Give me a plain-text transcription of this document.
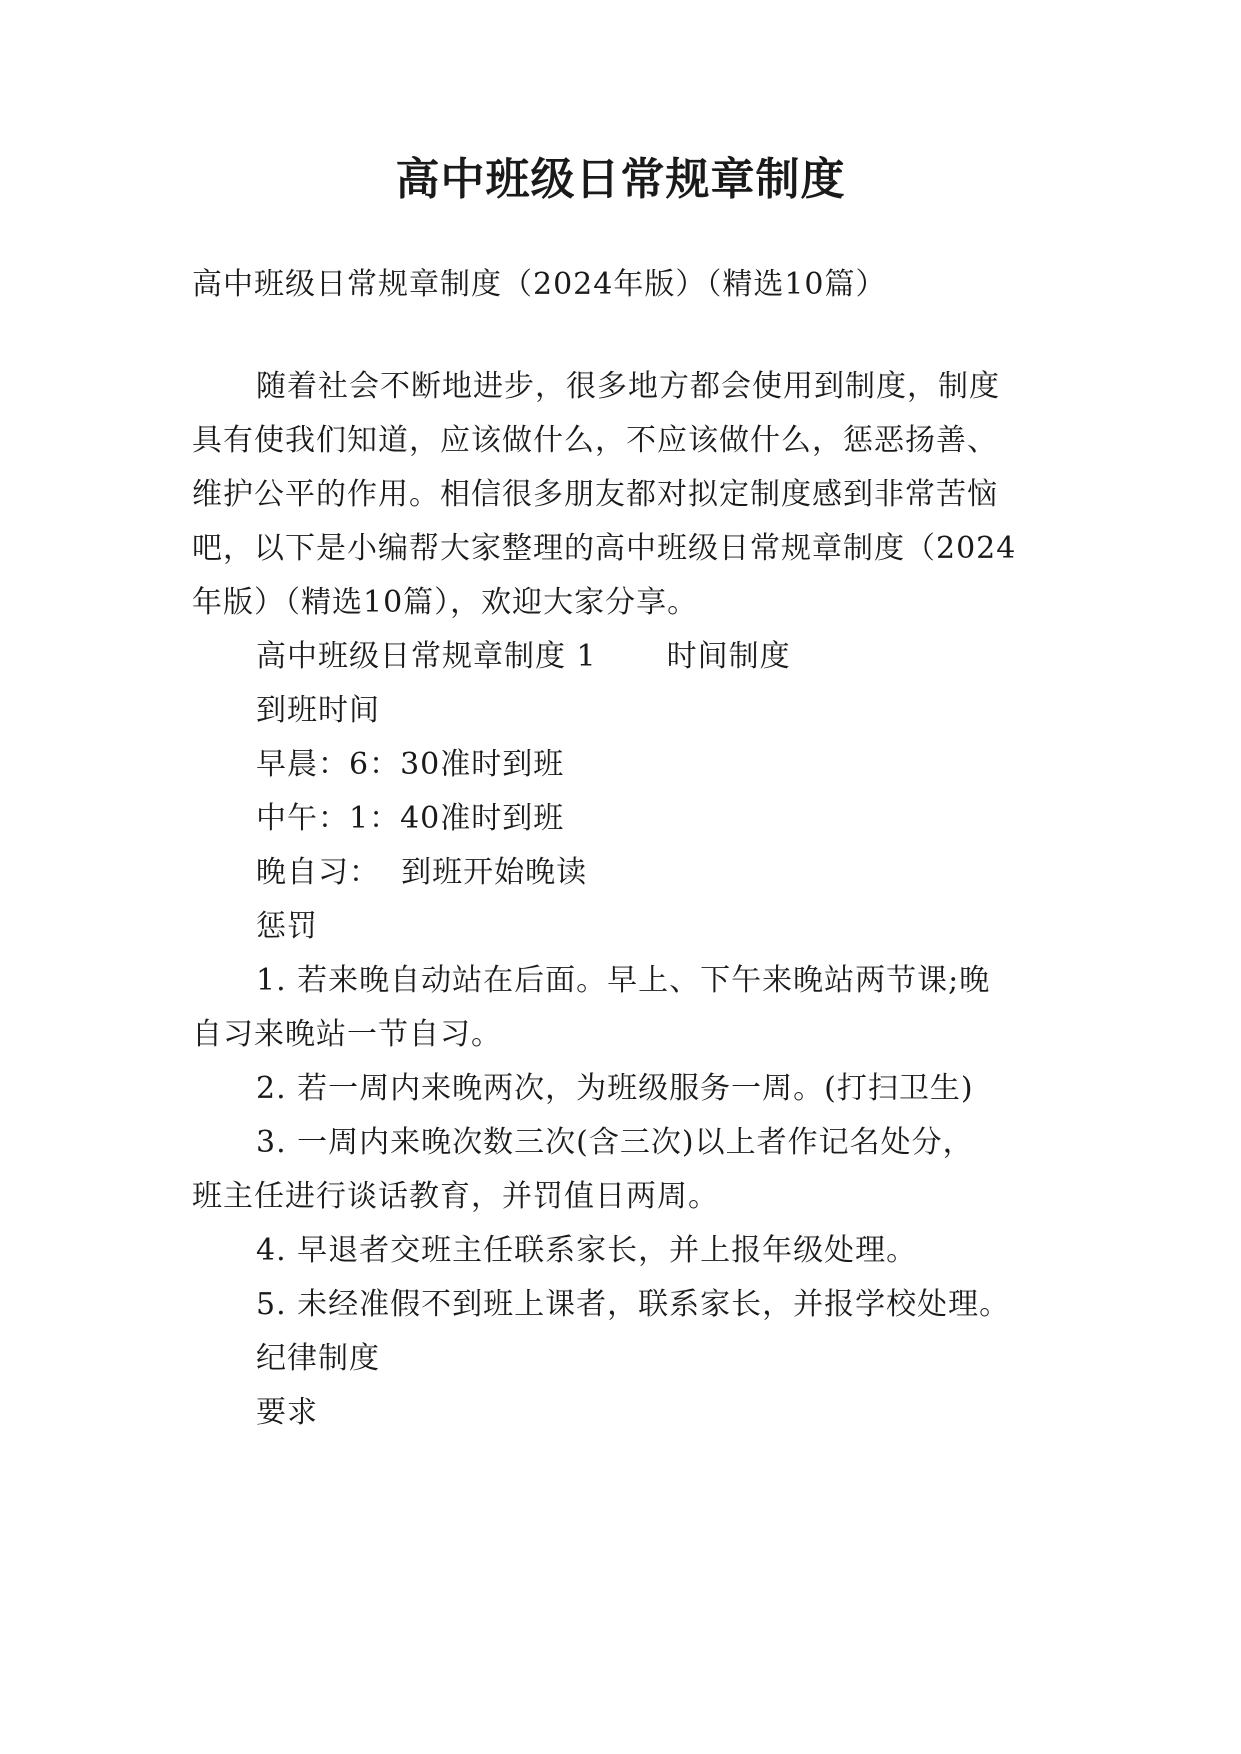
高中班级日常规章制度
高中班级日常规章制度（2024年版）（精选10篇）
随着社会不断地进步，很多地方都会使用到制度，制度
具有使我们知道，应该做什么，不应该做什么，惩恶扬善、
维护公平的作用。相信很多朋友都对拟定制度感到非常苦恼
吧，以下是小编帮大家整理的高中班级日常规章制度（2024
年版）（精选10篇），欢迎大家分享。
高中班级日常规章制度 1 时间制度
到班时间
早晨：6：30准时到班
中午：1：40准时到班
晚自习：  到班开始晚读
惩罚
1. 若来晚自动站在后面。早上、下午来晚站两节课;晚
自习来晚站一节自习。
2. 若一周内来晚两次，为班级服务一周。(打扫卫生)
3. 一周内来晚次数三次(含三次)以上者作记名处分，
班主任进行谈话教育，并罚值日两周。
4. 早退者交班主任联系家长，并上报年级处理。
5. 未经准假不到班上课者，联系家长，并报学校处理。
纪律制度
要求
